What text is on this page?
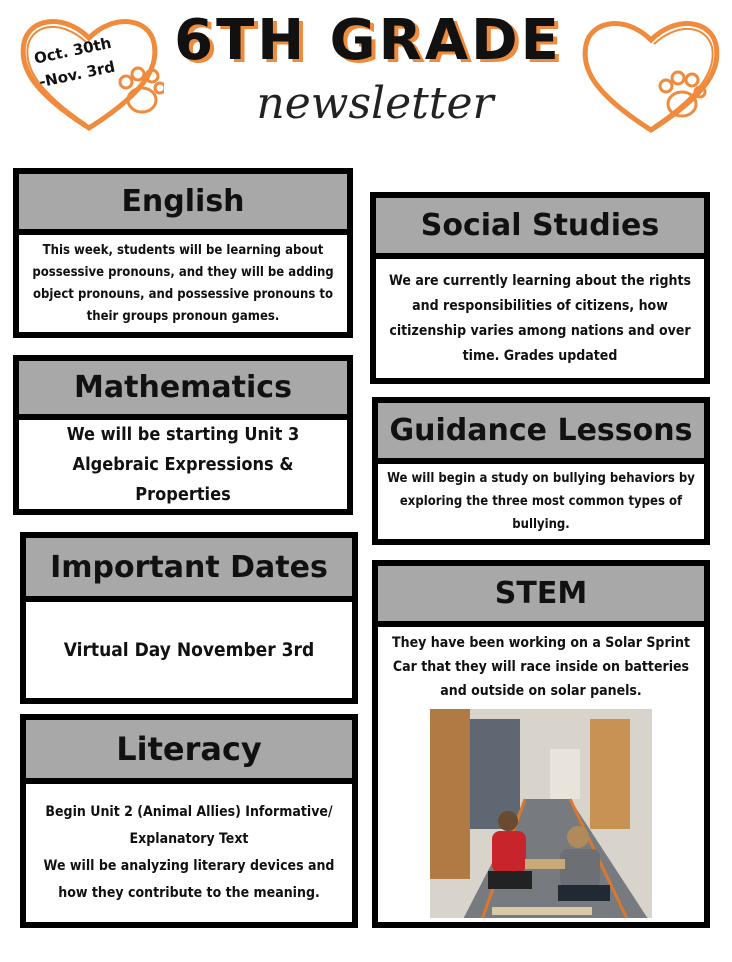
Oct. 30th
-Nov. 3rd
6TH GRADE
newsletter
English
This week, students will be learning about possessive pronouns, and they will be adding object pronouns, and possessive pronouns to their groups pronoun games.
Mathematics
We will be starting Unit 3 Algebraic Expressions & Properties
Important Dates
Virtual Day November 3rd
Literacy
Begin Unit 2 (Animal Allies) Informative/ Explanatory Text
We will be analyzing literary devices and how they contribute to the meaning.
Social Studies
We are currently learning about the rights and responsibilities of citizens, how citizenship varies among nations and over time. Grades updated
Guidance Lessons
We will begin a study on bullying behaviors by exploring the three most common types of bullying.
STEM
They have been working on a Solar Sprint Car that they will race inside on batteries and outside on solar panels.
